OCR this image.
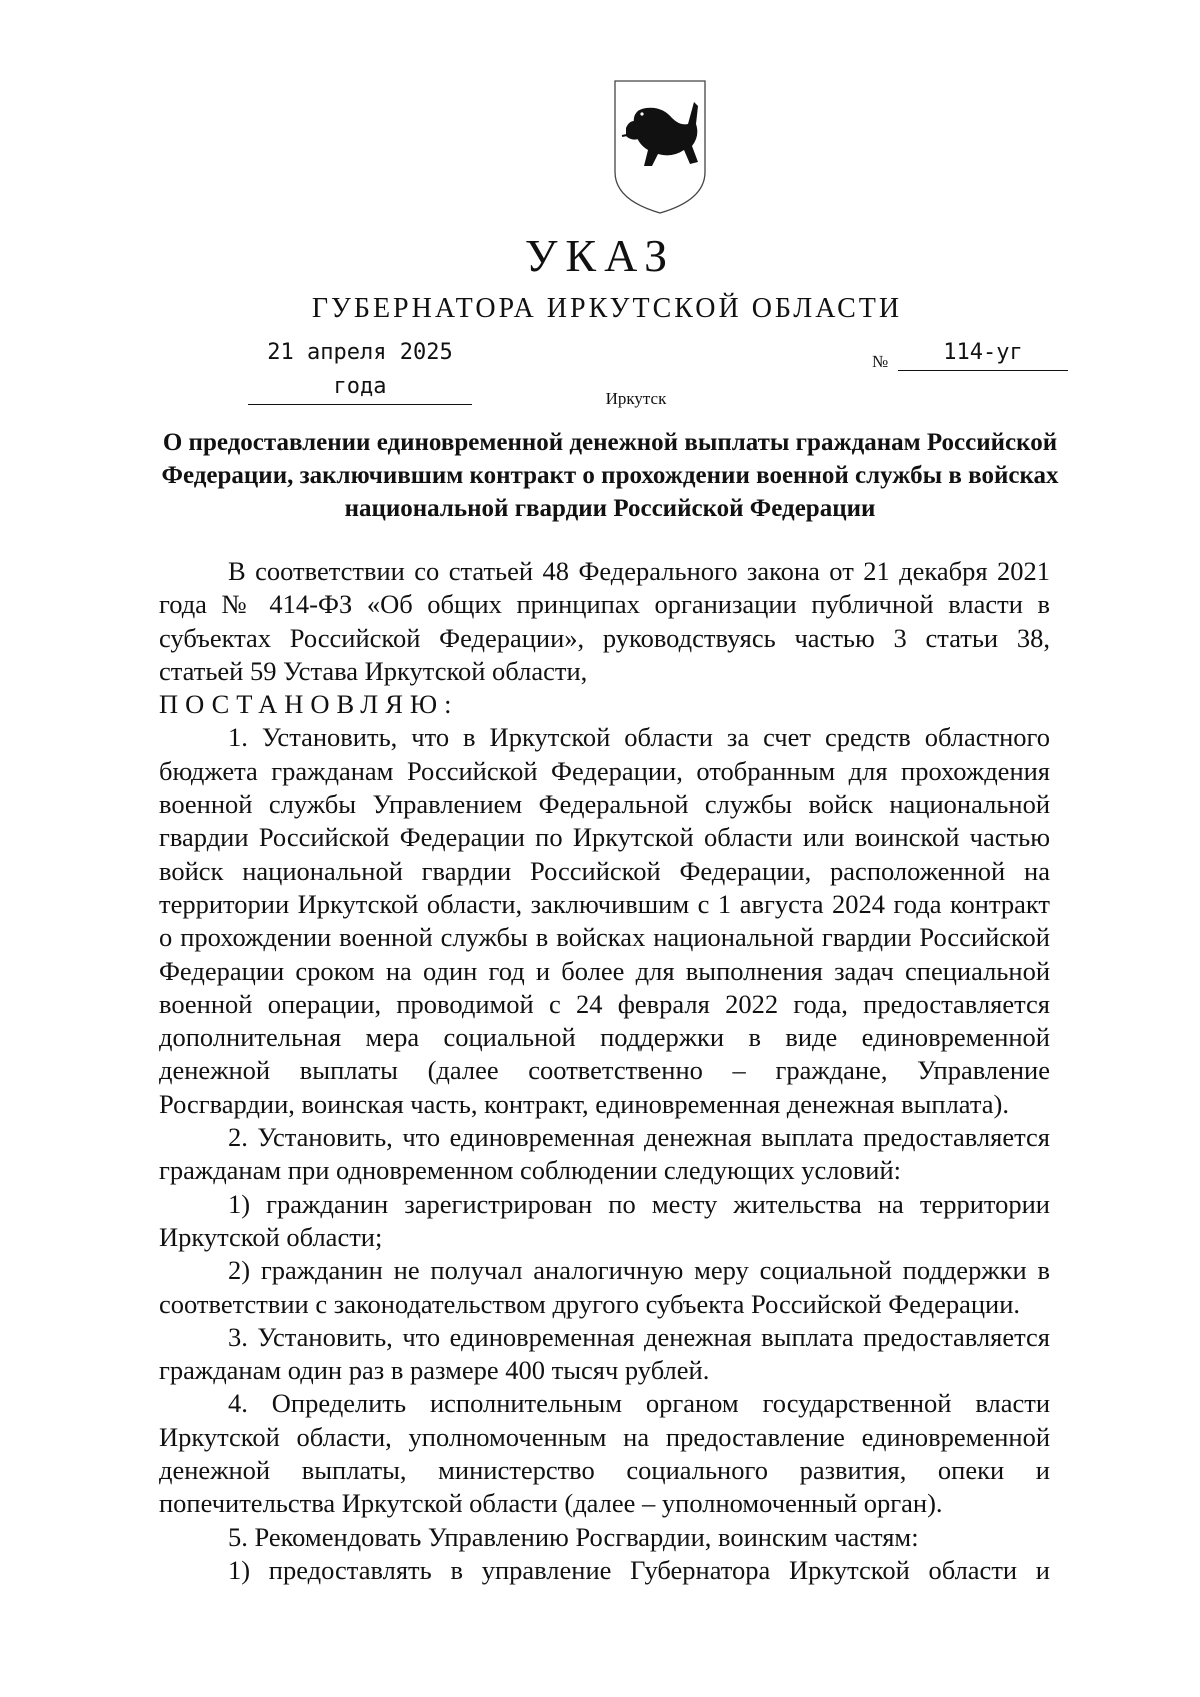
УКАЗ
ГУБЕРНАТОРА ИРКУТСКОЙ ОБЛАСТИ
21 апреля 2025 года
№	114-уг
Иркутск
О предоставлении единовременной денежной выплаты гражданам Российской Федерации, заключившим контракт о прохождении военной службы в войсках национальной гвардии Российской Федерации

В соответствии со статьей 48 Федерального закона от 21 декабря 2021 года № 414-ФЗ «Об общих принципах организации публичной власти в субъектах Российской Федерации», руководствуясь частью 3 статьи 38, статьей 59 Устава Иркутской области,

ПОСТАНОВЛЯЮ:

1. Установить, что в Иркутской области за счет средств областного бюджета гражданам Российской Федерации, отобранным для прохождения военной службы Управлением Федеральной службы войск национальной гвардии Российской Федерации по Иркутской области или воинской частью войск национальной гвардии Российской Федерации, расположенной на территории Иркутской области, заключившим с 1 августа 2024 года контракт о прохождении военной службы в войсках национальной гвардии Российской Федерации сроком на один год и более для выполнения задач специальной военной операции, проводимой с 24 февраля 2022 года, предоставляется дополнительная мера социальной поддержки в виде единовременной денежной выплаты (далее соответственно – граждане, Управление Росгвардии, воинская часть, контракт, единовременная денежная выплата).

2. Установить, что единовременная денежная выплата предоставляется гражданам при одновременном соблюдении следующих условий:

1) гражданин зарегистрирован по месту жительства на территории Иркутской области;

2) гражданин не получал аналогичную меру социальной поддержки в соответствии с законодательством другого субъекта Российской Федерации.

3. Установить, что единовременная денежная выплата предоставляется гражданам один раз в размере 400 тысяч рублей.

4. Определить исполнительным органом государственной власти Иркутской области, уполномоченным на предоставление единовременной денежной выплаты, министерство социального развития, опеки и попечительства Иркутской области (далее – уполномоченный орган).

5. Рекомендовать Управлению Росгвардии, воинским частям:

1) предоставлять в управление Губернатора Иркутской области и
